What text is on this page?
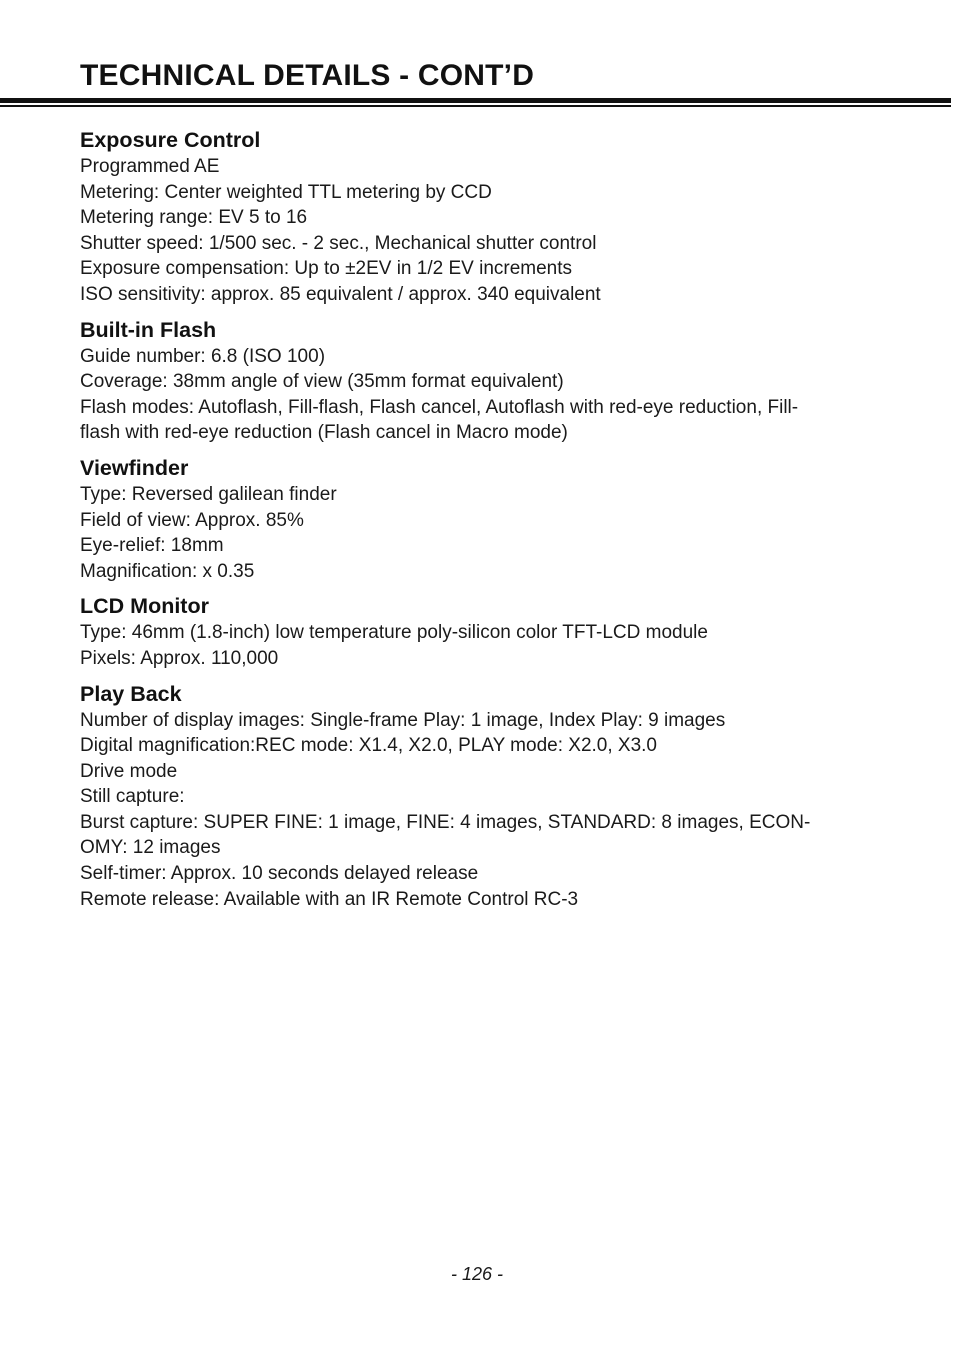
TECHNICAL DETAILS - CONT’D
Exposure Control
Programmed AE
Metering: Center weighted TTL metering by CCD
Metering range: EV 5 to 16
Shutter speed: 1/500 sec. - 2 sec., Mechanical shutter control
Exposure compensation: Up to ±2EV in 1/2 EV increments
ISO sensitivity: approx. 85 equivalent / approx. 340 equivalent
Built-in Flash
Guide number: 6.8 (ISO 100)
Coverage: 38mm angle of view (35mm format equivalent)
Flash modes: Autoflash, Fill-flash, Flash cancel, Autoflash with red-eye reduction, Fill-
flash with red-eye reduction (Flash cancel in Macro mode)
Viewfinder
Type: Reversed galilean finder
Field of view: Approx. 85%
Eye-relief: 18mm
Magnification: x 0.35
LCD Monitor
Type: 46mm (1.8-inch) low temperature poly-silicon color TFT-LCD module
Pixels: Approx. 110,000
Play Back
Number of display images: Single-frame Play: 1 image, Index Play: 9 images
Digital magnification:REC mode: X1.4, X2.0, PLAY mode: X2.0, X3.0
Drive mode
Still capture:
Burst capture: SUPER FINE: 1 image, FINE: 4 images, STANDARD: 8 images, ECON-
OMY: 12 images
Self-timer: Approx. 10 seconds delayed release
Remote release: Available with an IR Remote Control RC-3
- 126 -
